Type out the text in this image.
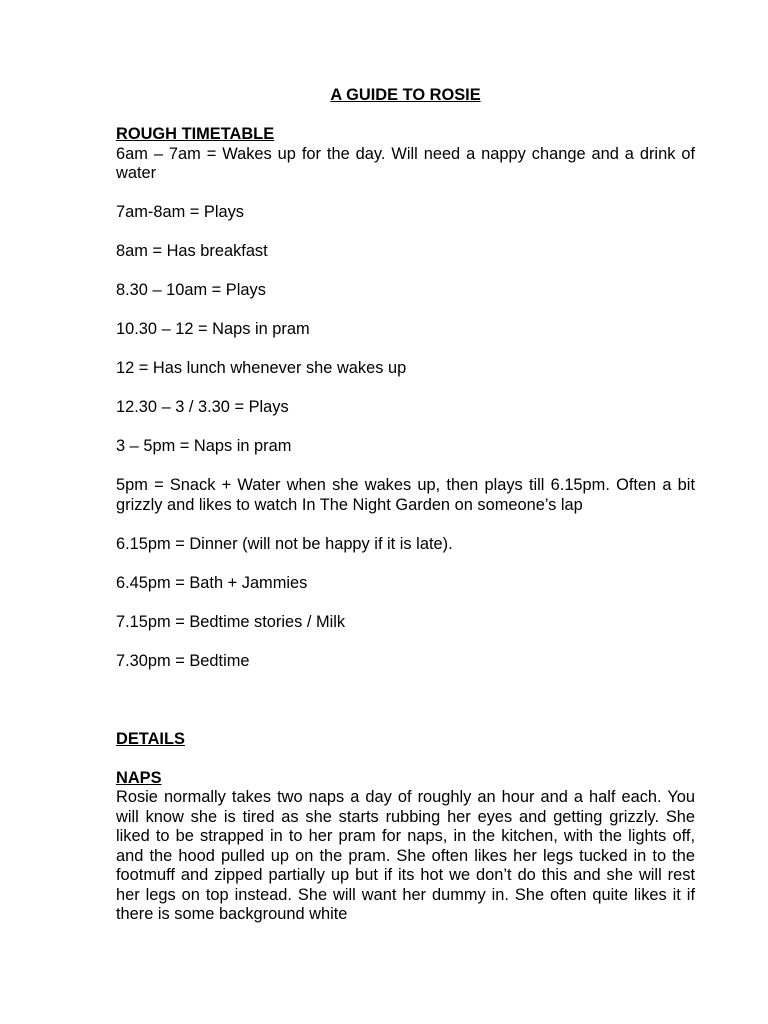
A GUIDE TO ROSIE

ROUGH TIMETABLE

6am – 7am = Wakes up for the day. Will need a nappy change and a drink of water

7am-8am = Plays

8am = Has breakfast

8.30 – 10am = Plays

10.30 – 12 = Naps in pram

12 = Has lunch whenever she wakes up

12.30 – 3 / 3.30 = Plays

3 – 5pm = Naps in pram

5pm = Snack + Water when she wakes up, then plays till 6.15pm. Often a bit grizzly and likes to watch In The Night Garden on someone’s lap

6.15pm = Dinner (will not be happy if it is late).

6.45pm = Bath + Jammies

7.15pm = Bedtime stories / Milk

7.30pm = Bedtime

DETAILS

NAPS

Rosie normally takes two naps a day of roughly an hour and a half each. You will know she is tired as she starts rubbing her eyes and getting grizzly. She liked to be strapped in to her pram for naps, in the kitchen, with the lights off, and the hood pulled up on the pram. She often likes her legs tucked in to the footmuff and zipped partially up but if its hot we don’t do this and she will rest her legs on top instead. She will want her dummy in. She often quite likes it if there is some background white
